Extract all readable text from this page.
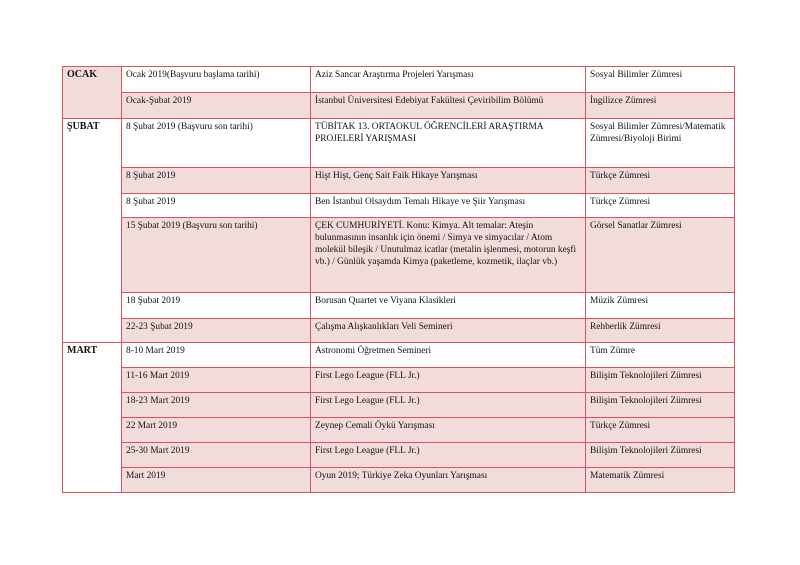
OCAK	Ocak 2019(Başvuru başlama tarihi)	Aziz Sancar Araştırma Projeleri Yarışması	Sosyal Bilimler Zümresi
	Ocak-Şubat 2019	İstanbul Üniversitesi Edebiyat Fakültesi Çeviribilim Bölümü	İngilizce Zümresi
ŞUBAT	8 Şubat 2019 (Başvuru son tarihi)	TÜBİTAK 13. ORTAOKUL ÖĞRENCİLERİ ARAŞTIRMA PROJELERİ YARIŞMASI	Sosyal Bilimler Zümresi/Matematik Zümresi/Biyoloji Birimi
	8 Şubat 2019	Hişt Hişt, Genç Sait Faik Hikaye Yarışması	Türkçe Zümresi
	8 Şubat 2019	Ben İstanbul Olsaydım Temalı Hikaye ve Şiir Yarışması	Türkçe Zümresi
	15 Şubat 2019 (Başvuru son tarihi)	ÇEK CUMHURİYETİ. Konu: Kimya. Alt temalar: Ateşin bulunmasının insanlık için önemi / Simya ve simyacılar / Atom molekül bileşik / Unutulmaz icatlar (metalin işlenmesi, motorun keşfi vb.) / Günlük yaşamda Kimya (paketleme, kozmetik, ilaçlar vb.)	Görsel Sanatlar Zümresi
	18 Şubat 2019	Borusan Quartet ve Viyana Klasikleri	Müzik Zümresi
	22-23 Şubat 2019	Çalışma Alışkanlıkları Veli Semineri	Rehberlik Zümresi
MART	8-10 Mart 2019	Astronomi Öğretmen Semineri	Tüm Zümre
	11-16 Mart 2019	First Lego League (FLL Jr.)	Bilişim Teknolojileri Zümresi
	18-23 Mart 2019	First Lego League (FLL Jr.)	Bilişim Teknolojileri Zümresi
	22 Mart 2019	Zeynep Cemali Öykü Yarışması	Türkçe Zümresi
	25-30 Mart 2019	First Lego League (FLL Jr.)	Bilişim Teknolojileri Zümresi
	Mart 2019	Oyun 2019; Türkiye Zeka Oyunları Yarışması	Matematik Zümresi
